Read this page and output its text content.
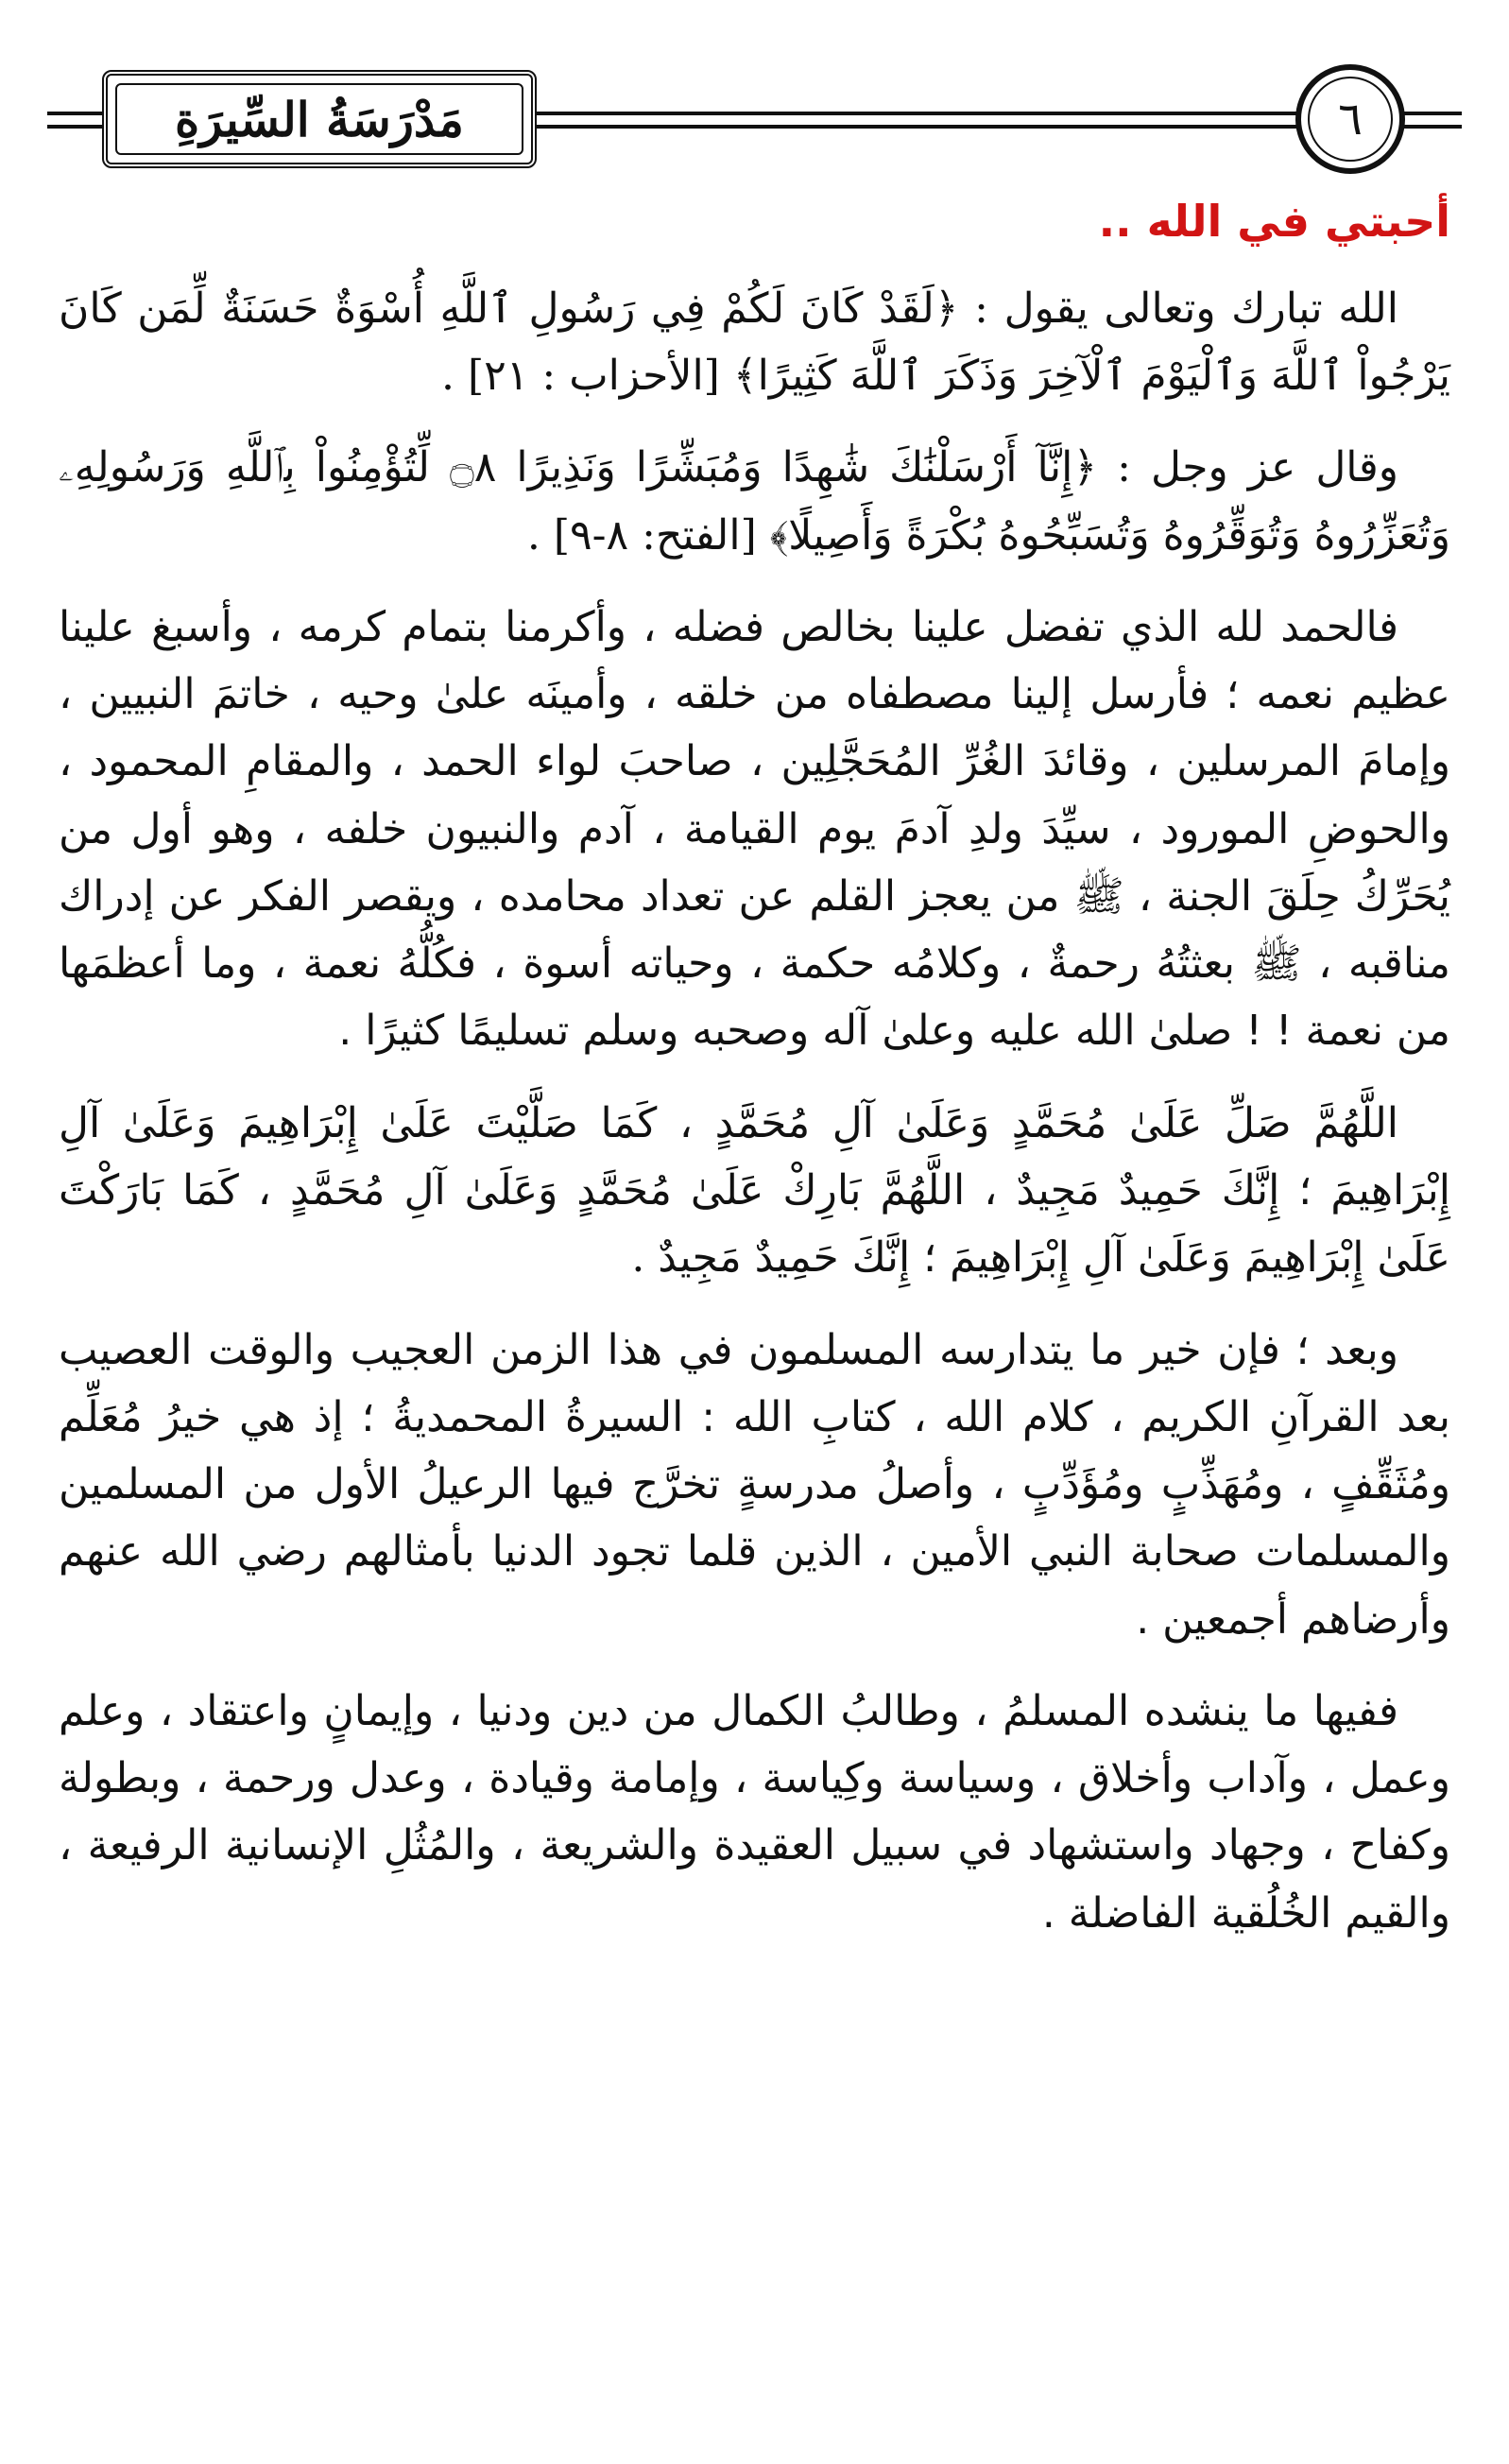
مَدْرَسَةُ السِّيرَةِ	٦
أحبتي في الله ..

الله تبارك وتعالى يقول : ﴿لَقَدْ كَانَ لَكُمْ فِي رَسُولِ ٱللَّهِ أُسْوَةٌ حَسَنَةٌ لِّمَن كَانَ يَرْجُواْ ٱللَّهَ وَٱلْيَوْمَ ٱلْآخِرَ وَذَكَرَ ٱللَّهَ كَثِيرًا﴾ [الأحزاب : ٢١] .

وقال عز وجل : ﴿إِنَّآ أَرْسَلْنَٰكَ شَٰهِدًا وَمُبَشِّرًا وَنَذِيرًا ۝٨ لِّتُؤْمِنُواْ بِٱللَّهِ وَرَسُولِهِۦ وَتُعَزِّرُوهُ وَتُوَقِّرُوهُ وَتُسَبِّحُوهُ بُكْرَةً وَأَصِيلًا﴾ [الفتح: ٨-٩] .

فالحمد لله الذي تفضل علينا بخالص فضله ، وأكرمنا بتمام كرمه ، وأسبغ علينا عظيم نعمه ؛ فأرسل إلينا مصطفاه من خلقه ، وأمينَه علىٰ وحيه ، خاتمَ النبيين ، وإمامَ المرسلين ، وقائدَ الغُرِّ المُحَجَّلِين ، صاحبَ لواء الحمد ، والمقامِ المحمود ، والحوضِ المورود ، سيِّدَ ولدِ آدمَ يوم القيامة ، آدم والنبيون خلفه ، وهو أول من يُحَرِّكُ حِلَقَ الجنة ، ﷺ من يعجز القلم عن تعداد محامده ، ويقصر الفكر عن إدراك مناقبه ، ﷺ بعثتُهُ رحمةٌ ، وكلامُه حكمة ، وحياته أسوة ، فكُلُّهُ نعمة ، وما أعظمَها من نعمة ! ! صلىٰ الله عليه وعلىٰ آله وصحبه وسلم تسليمًا كثيرًا .

اللَّهُمَّ صَلِّ عَلَىٰ مُحَمَّدٍ وَعَلَىٰ آلِ مُحَمَّدٍ ، كَمَا صَلَّيْتَ عَلَىٰ إِبْرَاهِيمَ وَعَلَىٰ آلِ إِبْرَاهِيمَ ؛ إِنَّكَ حَمِيدٌ مَجِيدٌ ، اللَّهُمَّ بَارِكْ عَلَىٰ مُحَمَّدٍ وَعَلَىٰ آلِ مُحَمَّدٍ ، كَمَا بَارَكْتَ عَلَىٰ إِبْرَاهِيمَ وَعَلَىٰ آلِ إِبْرَاهِيمَ ؛ إِنَّكَ حَمِيدٌ مَجِيدٌ .

وبعد ؛ فإن خير ما يتدارسه المسلمون في هذا الزمن العجيب والوقت العصيب بعد القرآنِ الكريم ، كلام الله ، كتابِ الله : السيرةُ المحمديةُ ؛ إذ هي خيرُ مُعَلِّم ومُثَقِّفٍ ، ومُهَذِّبٍ ومُؤَدِّبٍ ، وأصلُ مدرسةٍ تخرَّج فيها الرعيلُ الأول من المسلمين والمسلمات صحابة النبي الأمين ، الذين قلما تجود الدنيا بأمثالهم رضي الله عنهم وأرضاهم أجمعين .

ففيها ما ينشده المسلمُ ، وطالبُ الكمال من دين ودنيا ، وإيمانٍ واعتقاد ، وعلم وعمل ، وآداب وأخلاق ، وسياسة وكِياسة ، وإمامة وقيادة ، وعدل ورحمة ، وبطولة وكفاح ، وجهاد واستشهاد في سبيل العقيدة والشريعة ، والمُثُلِ الإنسانية الرفيعة ، والقيم الخُلُقية الفاضلة .
